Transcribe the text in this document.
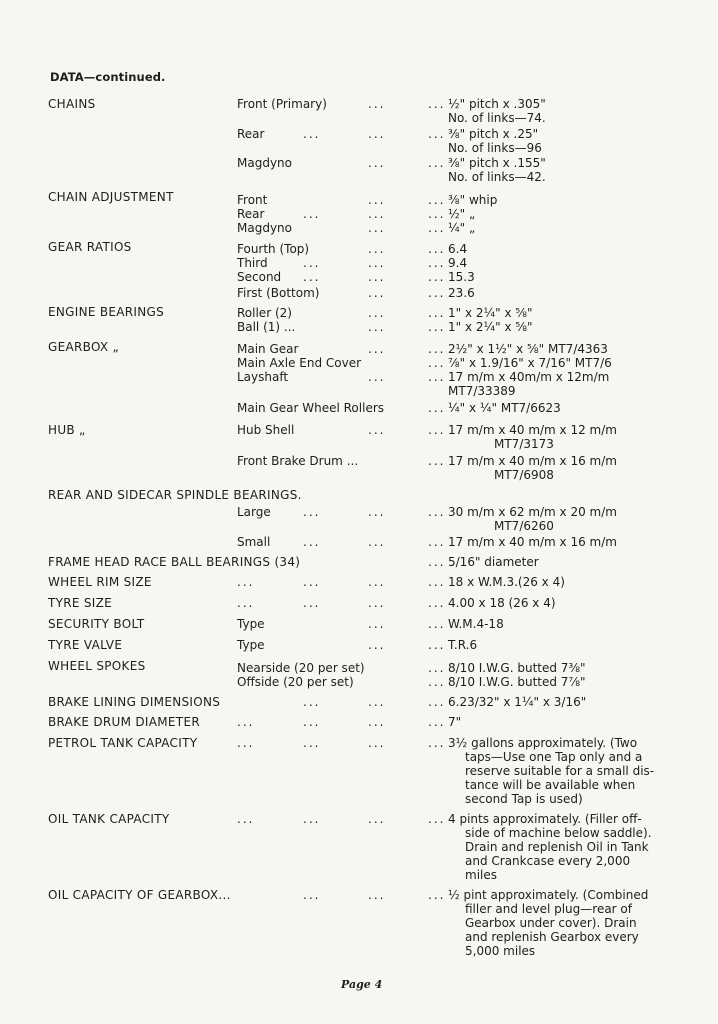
DATA—continued.
CHAINS	Front (Primary)	...	... ½" pitch x .305"
No. of links—74.
Rear	...	...	... ⅜" pitch x .25"
No. of links—96
Magdyno	...	... ⅜" pitch x .155"
No. of links—42.
CHAIN ADJUSTMENT	Front	...	... ⅜" whip
Rear	...	...	... ½" „
Magdyno	...	... ¼" „
GEAR RATIOS	Fourth (Top)	...	... 6.4
Third	...	...	... 9.4
Second ...	...	... 15.3
First (Bottom)	...	... 23.6
ENGINE BEARINGS	Roller (2)	...	... 1" x 2¼" x ⅝"
Ball (1) ...	...	... 1" x 2¼" x ⅝"
GEARBOX „	Main Gear	...	... 2½" x 1½" x ⅝" MT7/4363
Main Axle End Cover	... ⅞" x 1.9/16" x 7/16" MT7/6
Layshaft	...	... 17 m/m x 40m/m x 12m/m
MT7/33389
Main Gear Wheel Rollers	... ¼" x ¼" MT7/6623
HUB „	Hub Shell	...	... 17 m/m x 40 m/m x 12 m/m
MT7/3173
Front Brake Drum ...	... 17 m/m x 40 m/m x 16 m/m
MT7/6908
REAR AND SIDECAR SPINDLE BEARINGS.
Large	...	...	... 30 m/m x 62 m/m x 20 m/m
MT7/6260
Small	...	...	... 17 m/m x 40 m/m x 16 m/m
FRAME HEAD RACE BALL BEARINGS (34)	... 5/16" diameter
WHEEL RIM SIZE	...	...	...	... 18 x W.M.3.(26 x 4)
TYRE SIZE	...	...	...	... 4.00 x 18 (26 x 4)
SECURITY BOLT	Type	...	... W.M.4-18
TYRE VALVE	Type	...	... T.R.6
WHEEL SPOKES	Nearside (20 per set)	... 8/10 I.W.G. butted 7⅜"
Offside (20 per set)	... 8/10 I.W.G. butted 7⅞"
BRAKE LINING DIMENSIONS	...	...	... 6.23/32" x 1¼" x 3/16"
BRAKE DRUM DIAMETER	...	...	...	... 7"
PETROL TANK CAPACITY	...	...	...	... 3½ gallons approximately. (Two
taps—Use one Tap only and a
reserve suitable for a small dis-
tance will be available when
second Tap is used)
OIL TANK CAPACITY	...	...	...	... 4 pints approximately. (Filler off-
side of machine below saddle).
Drain and replenish Oil in Tank
and Crankcase every 2,000
miles
OIL CAPACITY OF GEARBOX...	...	...	... ½ pint approximately. (Combined
filler and level plug—rear of
Gearbox under cover). Drain
and replenish Gearbox every
5,000 miles
Page 4
